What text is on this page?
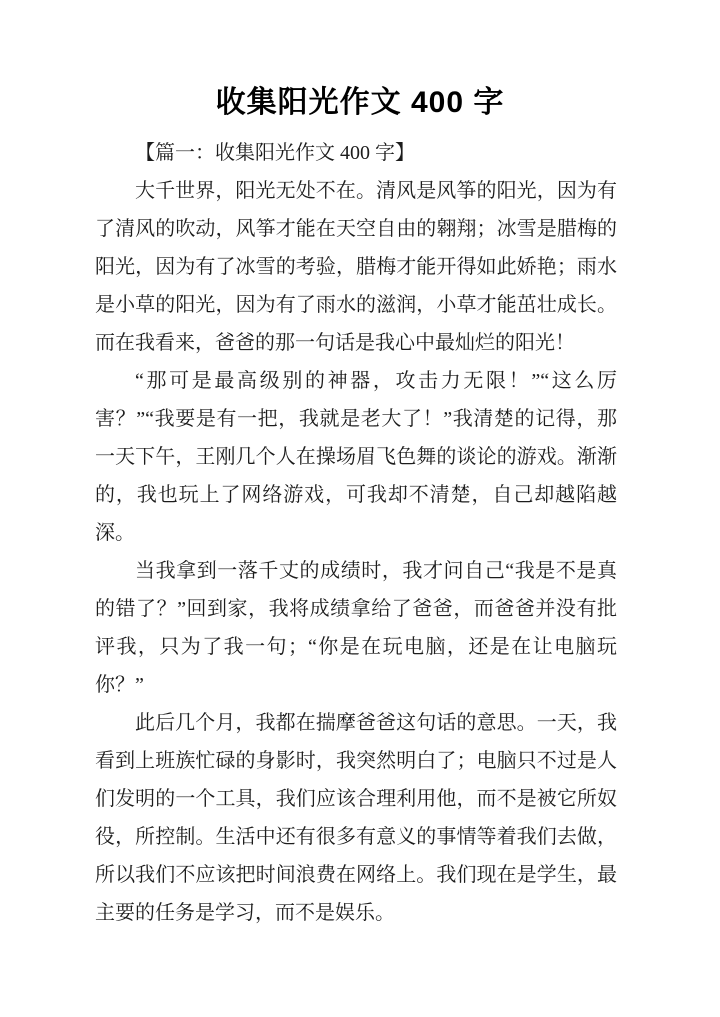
收集阳光作文 400 字

【篇一：收集阳光作文 400 字】

大千世界，阳光无处不在。清风是风筝的阳光，因为有了清风的吹动，风筝才能在天空自由的翱翔；冰雪是腊梅的阳光，因为有了冰雪的考验，腊梅才能开得如此娇艳；雨水是小草的阳光，因为有了雨水的滋润，小草才能茁壮成长。而在我看来，爸爸的那一句话是我心中最灿烂的阳光！

“那可是最高级别的神器，攻击力无限！”“这么厉害？”“我要是有一把，我就是老大了！”我清楚的记得，那一天下午，王刚几个人在操场眉飞色舞的谈论的游戏。渐渐的，我也玩上了网络游戏，可我却不清楚，自己却越陷越深。

当我拿到一落千丈的成绩时，我才问自己“我是不是真的错了？”回到家，我将成绩拿给了爸爸，而爸爸并没有批评我，只为了我一句；“你是在玩电脑，还是在让电脑玩你？”

此后几个月，我都在揣摩爸爸这句话的意思。一天，我看到上班族忙碌的身影时，我突然明白了；电脑只不过是人们发明的一个工具，我们应该合理利用他，而不是被它所奴役，所控制。生活中还有很多有意义的事情等着我们去做，所以我们不应该把时间浪费在网络上。我们现在是学生，最主要的任务是学习，而不是娱乐。
